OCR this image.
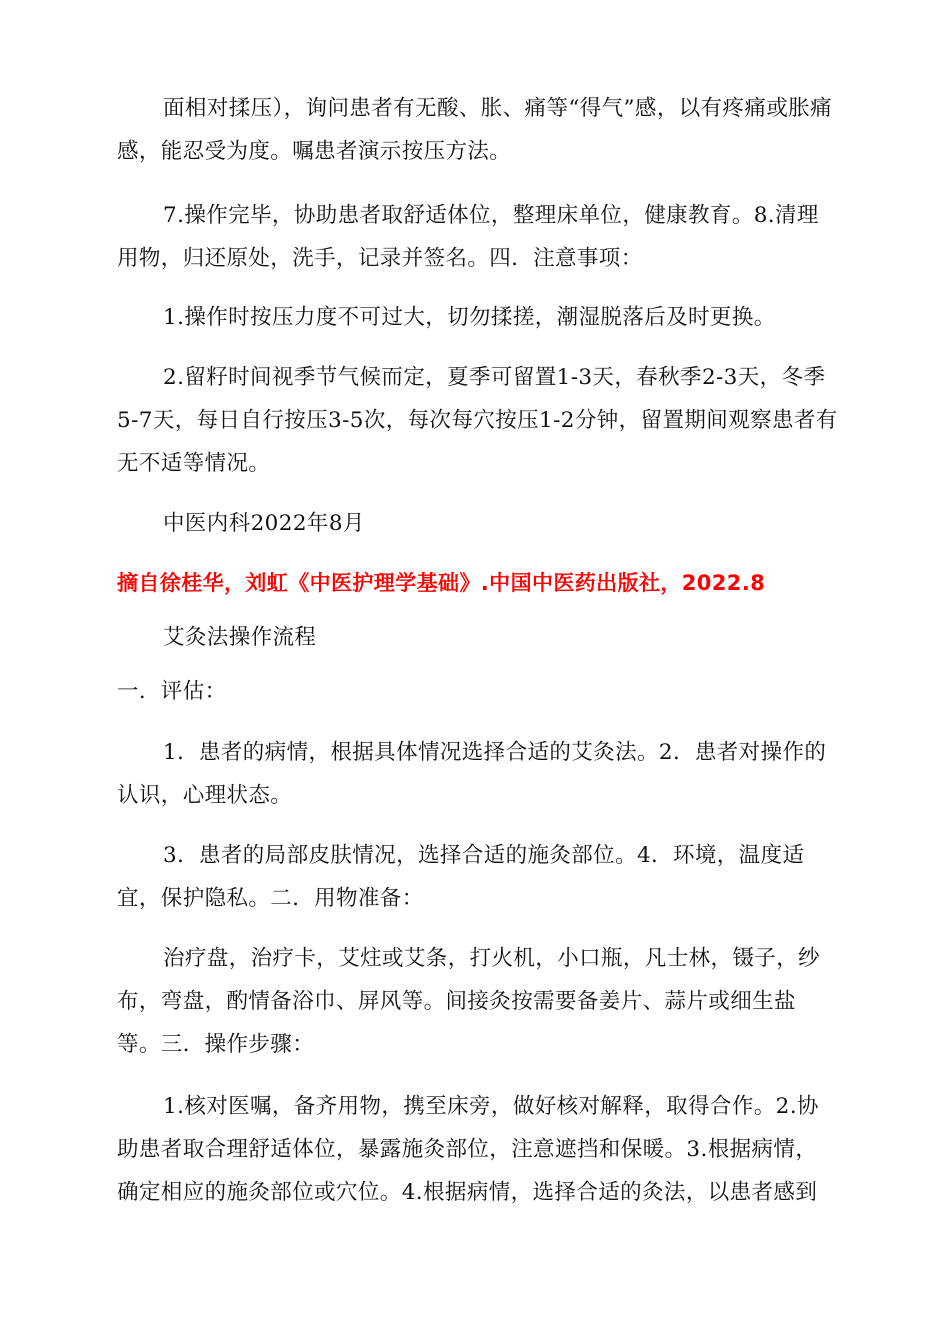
面相对揉压），询问患者有无酸、胀、痛等“得气”感，以有疼痛或胀痛感，能忍受为度。嘱患者演示按压方法。

7.操作完毕，协助患者取舒适体位，整理床单位，健康教育。8.清理用物，归还原处，洗手，记录并签名。四．注意事项：

1.操作时按压力度不可过大，切勿揉搓，潮湿脱落后及时更换。

2.留籽时间视季节气候而定，夏季可留置1-3天，春秋季2-3天，冬季5-7天，每日自行按压3-5次，每次每穴按压1-2分钟，留置期间观察患者有无不适等情况。

中医内科2022年8月

摘自徐桂华，刘虹《中医护理学基础》.中国中医药出版社，2022.8

艾灸法操作流程

一．评估：

1．患者的病情，根据具体情况选择合适的艾灸法。2．患者对操作的认识，心理状态。

3．患者的局部皮肤情况，选择合适的施灸部位。4．环境，温度适宜，保护隐私。二．用物准备：

治疗盘，治疗卡，艾炷或艾条，打火机，小口瓶，凡士林，镊子，纱布，弯盘，酌情备浴巾、屏风等。间接灸按需要备姜片、蒜片或细生盐等。三．操作步骤：

1.核对医嘱，备齐用物，携至床旁，做好核对解释，取得合作。2.协助患者取合理舒适体位，暴露施灸部位，注意遮挡和保暖。3.根据病情，确定相应的施灸部位或穴位。4.根据病情，选择合适的灸法，以患者感到
